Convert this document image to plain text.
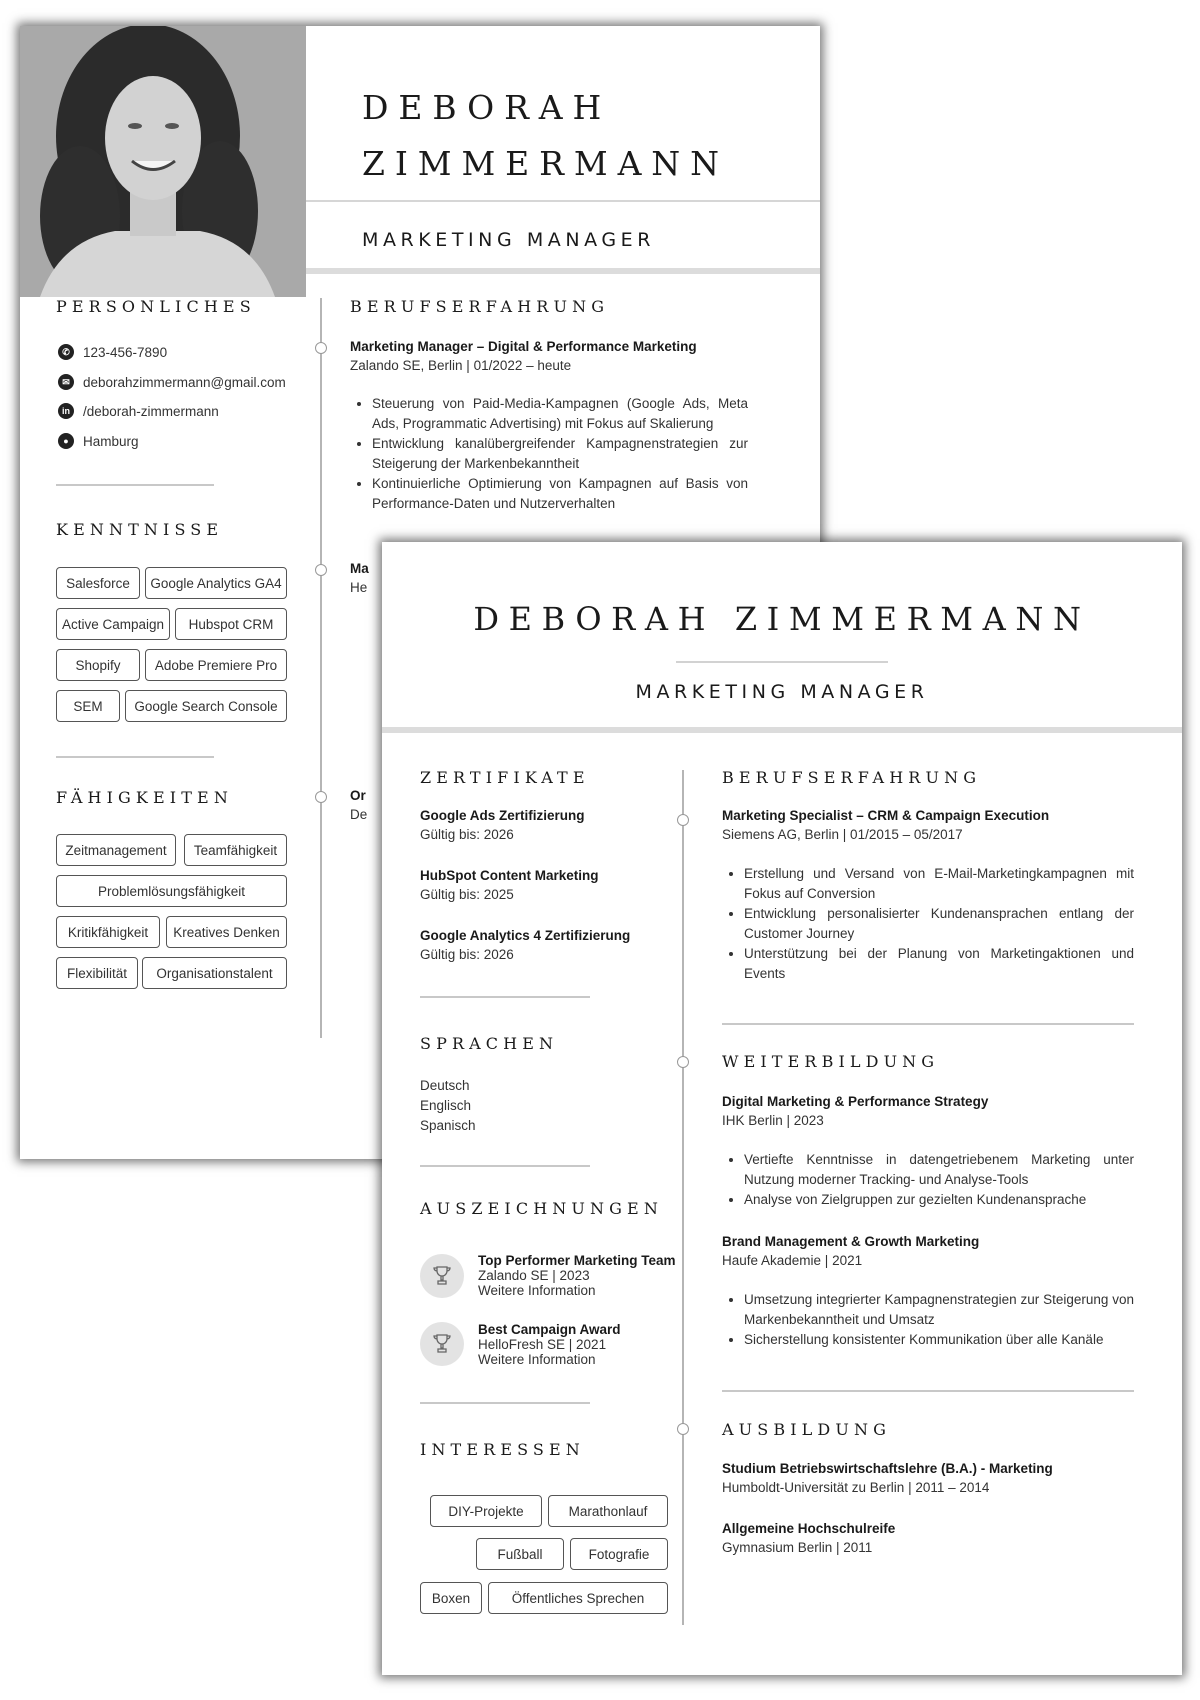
DEBORAH
ZIMMERMANN
MARKETING MANAGER
PERSONLICHES
✆ 123-456-7890
✉ deborahzimmermann@gmail.com
in /deborah-zimmermann
●	Hamburg
KENNTNISSE
Salesforce	Google Analytics GA4
Active Campaign	Hubspot CRM
Shopify	Adobe Premiere Pro
SEM	Google Search Console
FÄHIGKEITEN
Zeitmanagement	Teamfähigkeit
Problemlösungsfähigkeit
Kritikfähigkeit	Kreatives Denken
Flexibilität	Organisationstalent
BERUFSERFAHRUNG
Marketing Manager – Digital & Performance Marketing
Zalando SE, Berlin | 01/2022 – heute
• Steuerung von Paid-Media-Kampagnen (Google Ads, Meta Ads, Programmatic Advertising) mit Fokus auf Skalierung
• Entwicklung kanalübergreifender Kampagnenstrategien zur Steigerung der Markenbekanntheit
• Kontinuierliche Optimierung von Kampagnen auf Basis von Performance-Daten und Nutzerverhalten
Ma
He
Or
De
DEBORAH ZIMMERMANN
MARKETING MANAGER
ZERTIFIKATE
Google Ads Zertifizierung
Gültig bis: 2026
HubSpot Content Marketing
Gültig bis: 2025
Google Analytics 4 Zertifizierung
Gültig bis: 2026
SPRACHEN
Deutsch
Englisch
Spanisch
AUSZEICHNUNGEN
Top Performer Marketing Team
Zalando SE | 2023
Weitere Information
Best Campaign Award
HelloFresh SE | 2021
Weitere Information
INTERESSEN
DIY-Projekte	Marathonlauf
Fußball	Fotografie
Boxen	Öffentliches Sprechen
BERUFSERFAHRUNG
Marketing Specialist – CRM & Campaign Execution
Siemens AG, Berlin | 01/2015 – 05/2017
• Erstellung und Versand von E-Mail-Marketingkampagnen mit Fokus auf Conversion
• Entwicklung personalisierter Kundenansprachen entlang der Customer Journey
• Unterstützung bei der Planung von Marketingaktionen und Events
WEITERBILDUNG
Digital Marketing & Performance Strategy
IHK Berlin | 2023
• Vertiefte Kenntnisse in datengetriebenem Marketing unter Nutzung moderner Tracking- und Analyse-Tools
• Analyse von Zielgruppen zur gezielten Kundenansprache
Brand Management & Growth Marketing
Haufe Akademie | 2021
• Umsetzung integrierter Kampagnenstrategien zur Steigerung von Markenbekanntheit und Umsatz
• Sicherstellung konsistenter Kommunikation über alle Kanäle
AUSBILDUNG
Studium Betriebswirtschaftslehre (B.A.) - Marketing
Humboldt-Universität zu Berlin | 2011 – 2014
Allgemeine Hochschulreife
Gymnasium Berlin | 2011
